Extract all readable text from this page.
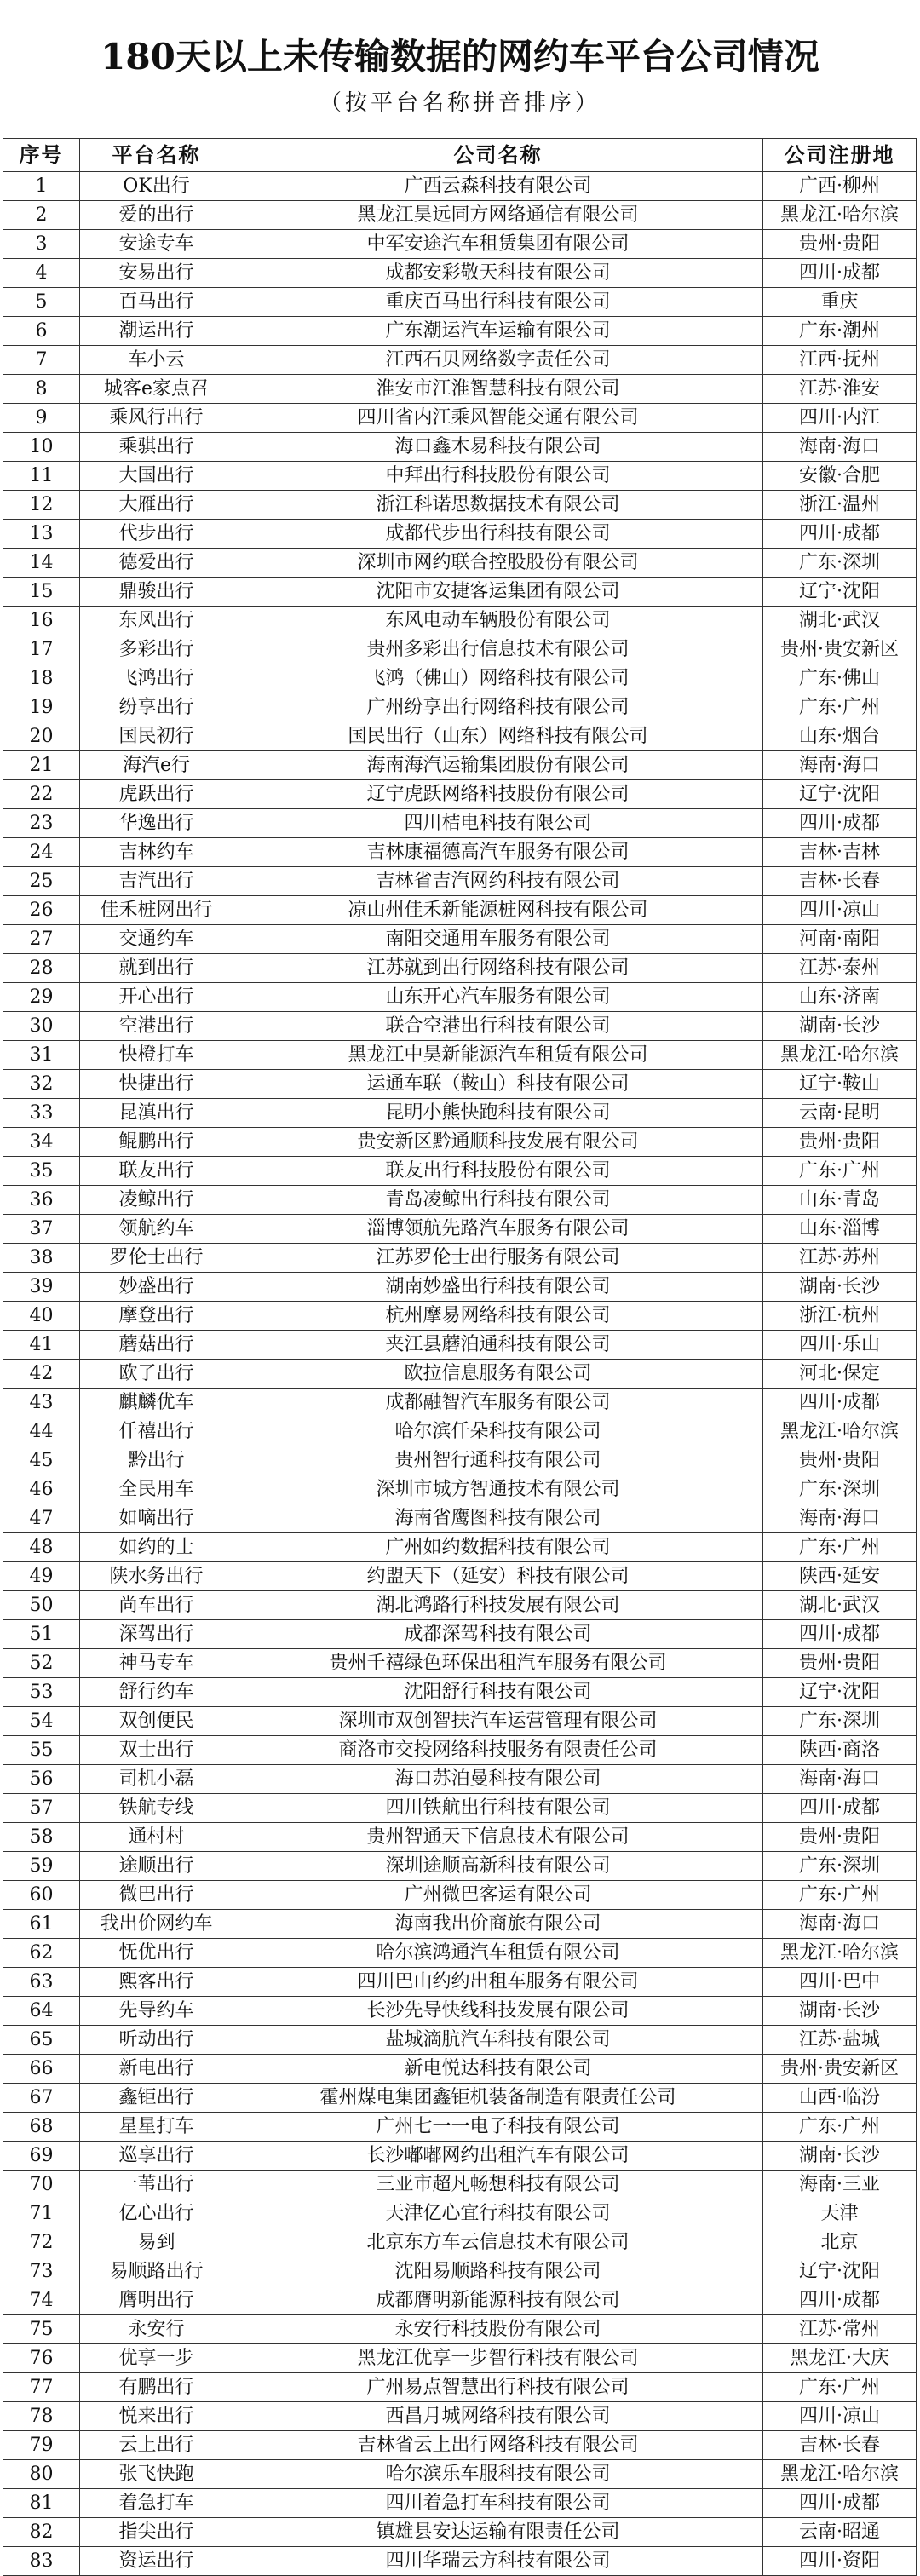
180天以上未传输数据的网约车平台公司情况
（按平台名称拼音排序）
序号	平台名称	公司名称	公司注册地
1	OK出行	广西云森科技有限公司	广西·柳州
2	爱的出行	黑龙江昊远同方网络通信有限公司	黑龙江·哈尔滨
3	安途专车	中军安途汽车租赁集团有限公司	贵州·贵阳
4	安易出行	成都安彩敬天科技有限公司	四川·成都
5	百马出行	重庆百马出行科技有限公司	重庆
6	潮运出行	广东潮运汽车运输有限公司	广东·潮州
7	车小云	江西石贝网络数字责任公司	江西·抚州
8	城客e家点召	淮安市江淮智慧科技有限公司	江苏·淮安
9	乘风行出行	四川省内江乘风智能交通有限公司	四川·内江
10	乘骐出行	海口鑫木易科技有限公司	海南·海口
11	大国出行	中拜出行科技股份有限公司	安徽·合肥
12	大雁出行	浙江科诺思数据技术有限公司	浙江·温州
13	代步出行	成都代步出行科技有限公司	四川·成都
14	德爱出行	深圳市网约联合控股股份有限公司	广东·深圳
15	鼎骏出行	沈阳市安捷客运集团有限公司	辽宁·沈阳
16	东风出行	东风电动车辆股份有限公司	湖北·武汉
17	多彩出行	贵州多彩出行信息技术有限公司	贵州·贵安新区
18	飞鸿出行	飞鸿（佛山）网络科技有限公司	广东·佛山
19	纷享出行	广州纷享出行网络科技有限公司	广东·广州
20	国民初行	国民出行（山东）网络科技有限公司	山东·烟台
21	海汽e行	海南海汽运输集团股份有限公司	海南·海口
22	虎跃出行	辽宁虎跃网络科技股份有限公司	辽宁·沈阳
23	华逸出行	四川桔电科技有限公司	四川·成都
24	吉林约车	吉林康福德高汽车服务有限公司	吉林·吉林
25	吉汽出行	吉林省吉汽网约科技有限公司	吉林·长春
26	佳禾桩网出行	凉山州佳禾新能源桩网科技有限公司	四川·凉山
27	交通约车	南阳交通用车服务有限公司	河南·南阳
28	就到出行	江苏就到出行网络科技有限公司	江苏·泰州
29	开心出行	山东开心汽车服务有限公司	山东·济南
30	空港出行	联合空港出行科技有限公司	湖南·长沙
31	快橙打车	黑龙江中昊新能源汽车租赁有限公司	黑龙江·哈尔滨
32	快捷出行	运通车联（鞍山）科技有限公司	辽宁·鞍山
33	昆滇出行	昆明小熊快跑科技有限公司	云南·昆明
34	鲲鹏出行	贵安新区黔通顺科技发展有限公司	贵州·贵阳
35	联友出行	联友出行科技股份有限公司	广东·广州
36	凌鲸出行	青岛凌鲸出行科技有限公司	山东·青岛
37	领航约车	淄博领航先路汽车服务有限公司	山东·淄博
38	罗伦士出行	江苏罗伦士出行服务有限公司	江苏·苏州
39	妙盛出行	湖南妙盛出行科技有限公司	湖南·长沙
40	摩登出行	杭州摩易网络科技有限公司	浙江·杭州
41	蘑菇出行	夹江县蘑泊通科技有限公司	四川·乐山
42	欧了出行	欧拉信息服务有限公司	河北·保定
43	麒麟优车	成都融智汽车服务有限公司	四川·成都
44	仟禧出行	哈尔滨仟朵科技有限公司	黑龙江·哈尔滨
45	黔出行	贵州智行通科技有限公司	贵州·贵阳
46	全民用车	深圳市城方智通技术有限公司	广东·深圳
47	如嘀出行	海南省鹰图科技有限公司	海南·海口
48	如约的士	广州如约数据科技有限公司	广东·广州
49	陕水务出行	约盟天下（延安）科技有限公司	陕西·延安
50	尚车出行	湖北鸿路行科技发展有限公司	湖北·武汉
51	深驾出行	成都深驾科技有限公司	四川·成都
52	神马专车	贵州千禧绿色环保出租汽车服务有限公司	贵州·贵阳
53	舒行约车	沈阳舒行科技有限公司	辽宁·沈阳
54	双创便民	深圳市双创智扶汽车运营管理有限公司	广东·深圳
55	双士出行	商洛市交投网络科技服务有限责任公司	陕西·商洛
56	司机小磊	海口苏泊曼科技有限公司	海南·海口
57	铁航专线	四川铁航出行科技有限公司	四川·成都
58	通村村	贵州智通天下信息技术有限公司	贵州·贵阳
59	途顺出行	深圳途顺高新科技有限公司	广东·深圳
60	微巴出行	广州微巴客运有限公司	广东·广州
61	我出价网约车	海南我出价商旅有限公司	海南·海口
62	怃优出行	哈尔滨鸿通汽车租赁有限公司	黑龙江·哈尔滨
63	熙客出行	四川巴山约约出租车服务有限公司	四川·巴中
64	先导约车	长沙先导快线科技发展有限公司	湖南·长沙
65	听动出行	盐城滴肮汽车科技有限公司	江苏·盐城
66	新电出行	新电悦达科技有限公司	贵州·贵安新区
67	鑫钜出行	霍州煤电集团鑫钜机装备制造有限责任公司	山西·临汾
68	星星打车	广州七一一电子科技有限公司	广东·广州
69	巡享出行	长沙嘟嘟网约出租汽车有限公司	湖南·长沙
70	一苇出行	三亚市超凡畅想科技有限公司	海南·三亚
71	亿心出行	天津亿心宜行科技有限公司	天津
72	易到	北京东方车云信息技术有限公司	北京
73	易顺路出行	沈阳易顺路科技有限公司	辽宁·沈阳
74	膺明出行	成都膺明新能源科技有限公司	四川·成都
75	永安行	永安行科技股份有限公司	江苏·常州
76	优享一步	黑龙江优享一步智行科技有限公司	黑龙江·大庆
77	有鹏出行	广州易点智慧出行科技有限公司	广东·广州
78	悦来出行	西昌月城网络科技有限公司	四川·凉山
79	云上出行	吉林省云上出行网络科技有限公司	吉林·长春
80	张飞快跑	哈尔滨乐车服科技有限公司	黑龙江·哈尔滨
81	着急打车	四川着急打车科技有限公司	四川·成都
82	指尖出行	镇雄县安达运输有限责任公司	云南·昭通
83	资运出行	四川华瑞云方科技有限公司	四川·资阳
